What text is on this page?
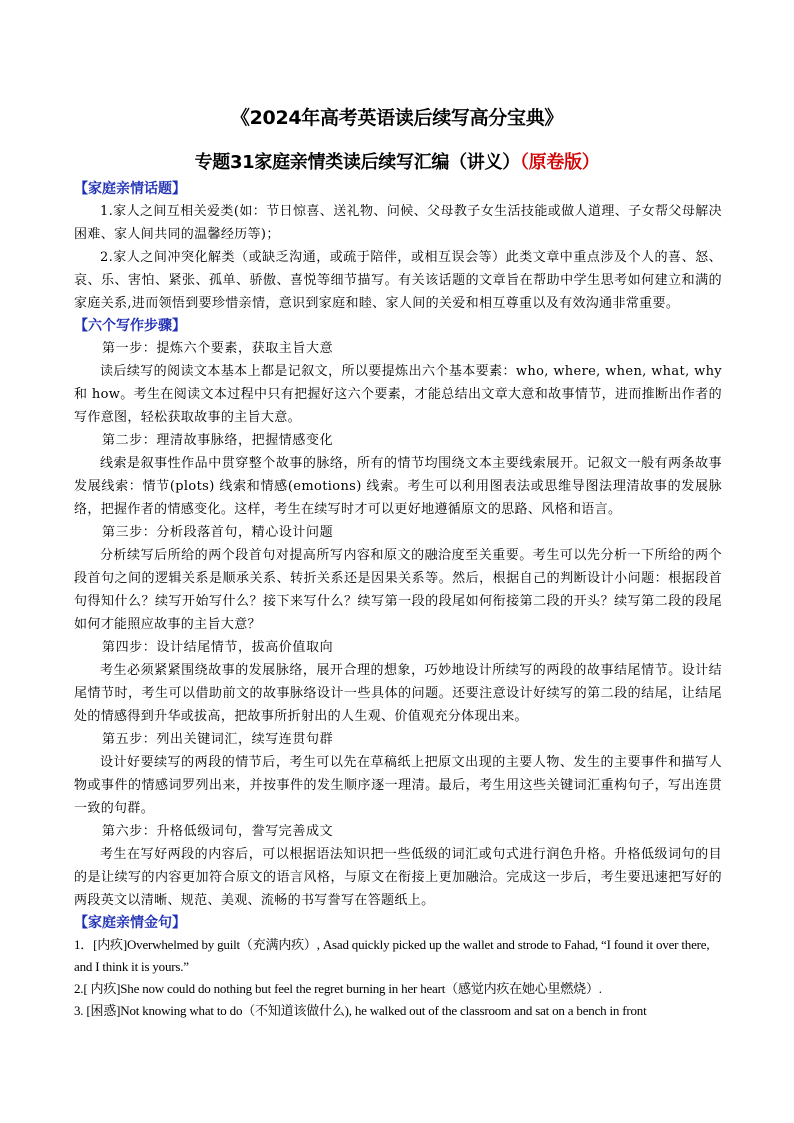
《2024年高考英语读后续写高分宝典》
专题31家庭亲情类读后续写汇编（讲义）（原卷版）
【家庭亲情话题】
1.家人之间互相关爱类(如：节日惊喜、送礼物、问候、父母教子女生活技能或做人道理、子女帮父母解决困难、家人间共同的温馨经历等)；
2.家人之间冲突化解类（或缺乏沟通，或疏于陪伴，或相互误会等）此类文章中重点涉及个人的喜、怒、哀、乐、害怕、紧张、孤单、骄傲、喜悦等细节描写。有关该话题的文章旨在帮助中学生思考如何建立和满的家庭关系,进而领悟到要珍惜亲情，意识到家庭和睦、家人间的关爱和相互尊重以及有效沟通非常重要。
【六个写作步骤】
第一步：提炼六个要素，获取主旨大意
读后续写的阅读文本基本上都是记叙文，所以要提炼出六个基本要素：who, where, when, what, why 和 how。考生在阅读文本过程中只有把握好这六个要素，才能总结出文章大意和故事情节，进而推断出作者的写作意图，轻松获取故事的主旨大意。
第二步：理清故事脉络，把握情感变化
线索是叙事性作品中贯穿整个故事的脉络，所有的情节均围绕文本主要线索展开。记叙文一般有两条故事发展线索：情节(plots) 线索和情感(emotions) 线索。考生可以利用图表法或思维导图法理清故事的发展脉络，把握作者的情感变化。这样，考生在续写时才可以更好地遵循原文的思路、风格和语言。
第三步：分析段落首句，精心设计问题
分析续写后所给的两个段首句对提高所写内容和原文的融洽度至关重要。考生可以先分析一下所给的两个段首句之间的逻辑关系是顺承关系、转折关系还是因果关系等。然后，根据自己的判断设计小问题：根据段首句得知什么？续写开始写什么？接下来写什么？续写第一段的段尾如何衔接第二段的开头？续写第二段的段尾如何才能照应故事的主旨大意？
第四步：设计结尾情节，拔高价值取向
考生必须紧紧围绕故事的发展脉络，展开合理的想象，巧妙地设计所续写的两段的故事结尾情节。设计结尾情节时，考生可以借助前文的故事脉络设计一些具体的问题。还要注意设计好续写的第二段的结尾，让结尾处的情感得到升华或拔高，把故事所折射出的人生观、价值观充分体现出来。
第五步：列出关键词汇，续写连贯句群
设计好要续写的两段的情节后，考生可以先在草稿纸上把原文出现的主要人物、发生的主要事件和描写人物或事件的情感词罗列出来，并按事件的发生顺序逐一理清。最后，考生用这些关键词汇重构句子，写出连贯一致的句群。
第六步：升格低级词句，誊写完善成文
考生在写好两段的内容后，可以根据语法知识把一些低级的词汇或句式进行润色升格。升格低级词句的目的是让续写的内容更加符合原文的语言风格，与原文在衔接上更加融洽。完成这一步后，考生要迅速把写好的两段英文以清晰、规范、美观、流畅的书写誊写在答题纸上。
【家庭亲情金句】
1．[内疚]Overwhelmed by guilt（充满内疚）, Asad quickly picked up the wallet and strode to Fahad, “I found it over there, and I think it is yours.”
2.[ 内疚]She now could do nothing but feel the regret burning in her heart（感觉内疚在她心里燃烧）.
3. [困惑]Not knowing what to do（不知道该做什么), he walked out of the classroom and sat on a bench in front
